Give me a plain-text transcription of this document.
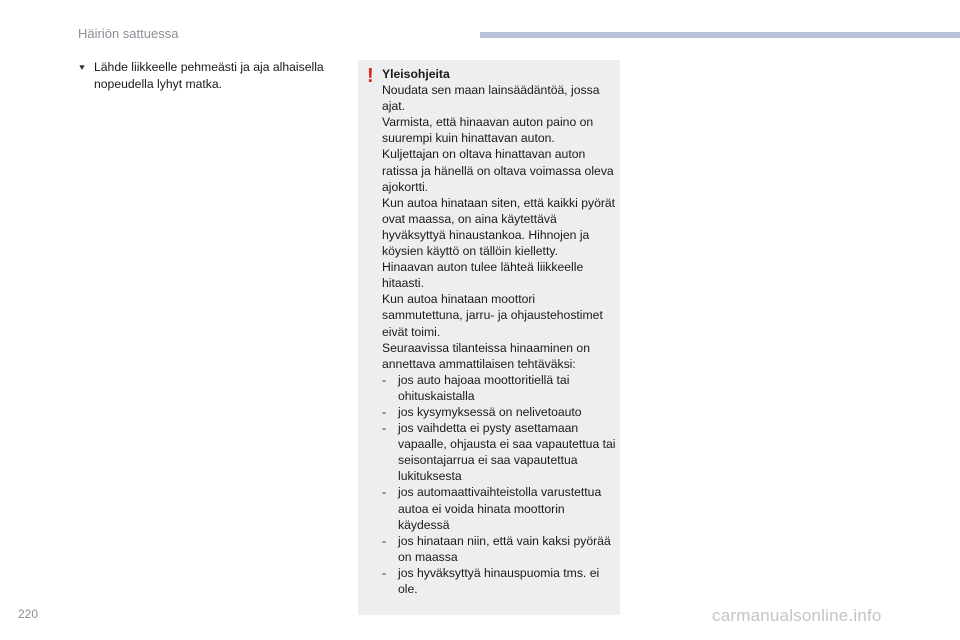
Häiriön sattuessa
⯆ Lähde liikkeelle pehmeästi ja aja alhaisella nopeudella lyhyt matka.	! Yleisohjeita

Noudata sen maan lainsäädäntöä, jossa ajat.

Varmista, että hinaavan auton paino on suurempi kuin hinattavan auton.

Kuljettajan on oltava hinattavan auton ratissa ja hänellä on oltava voimassa oleva ajokortti.

Kun autoa hinataan siten, että kaikki pyörät ovat maassa, on aina käytettävä hyväksyttyä hinaustankoa. Hihnojen ja köysien käyttö on tällöin kielletty.

Hinaavan auton tulee lähteä liikkeelle hitaasti.

Kun autoa hinataan moottori sammutettuna, jarru- ja ohjaustehostimet eivät toimi.

Seuraavissa tilanteissa hinaaminen on annettava ammattilaisen tehtäväksi:

- jos auto hajoaa moottoritiellä tai ohituskaistalla
- jos kysymyksessä on nelivetoauto
- jos vaihdetta ei pysty asettamaan vapaalle, ohjausta ei saa vapautettua tai seisontajarrua ei saa vapautettua lukituksesta
- jos automaattivaihteistolla varustettua autoa ei voida hinata moottorin käydessä
- jos hinataan niin, että vain kaksi pyörää on maassa
- jos hyväksyttyä hinauspuomia tms. ei ole.
220	carmanualsonline.info
